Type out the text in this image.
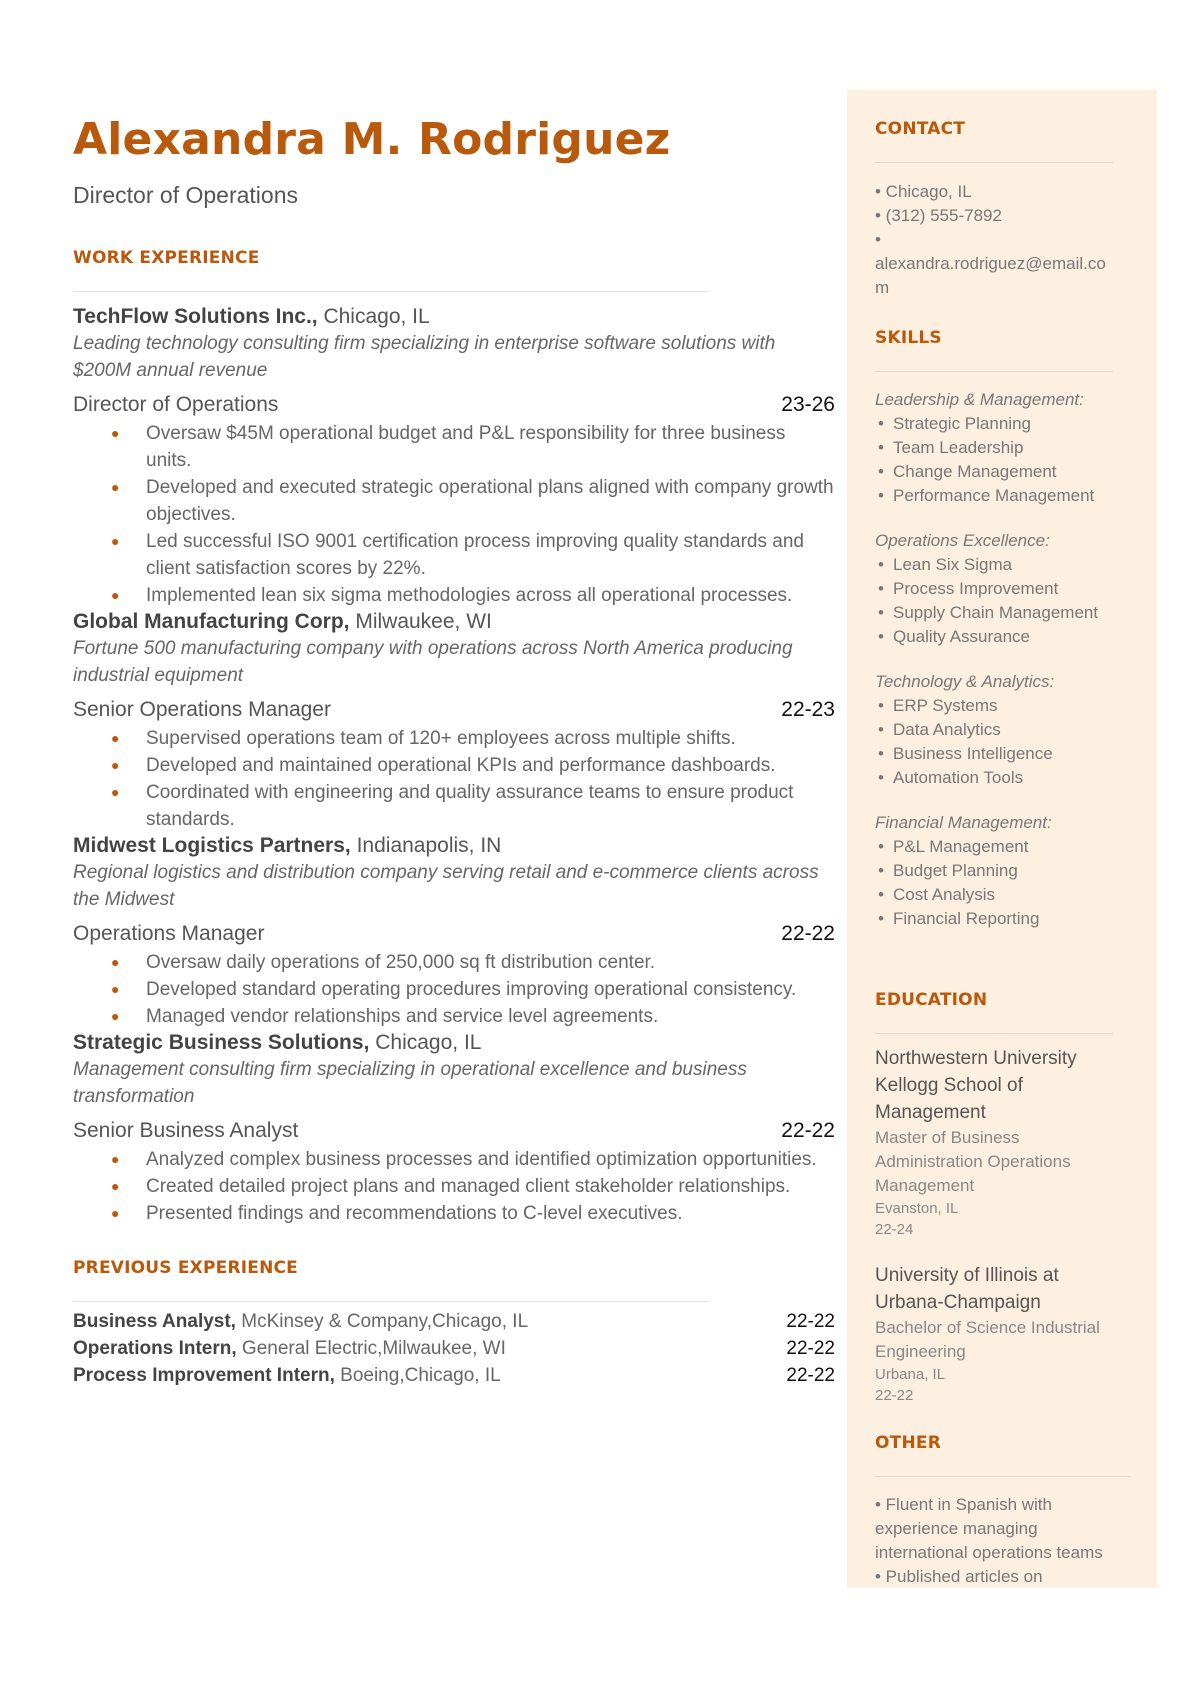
Alexandra M. Rodriguez
Director of Operations
WORK EXPERIENCE
TechFlow Solutions Inc., Chicago, IL
Leading technology consulting firm specializing in enterprise software solutions with $200M annual revenue
Director of Operations	23-26
● Oversaw $45M operational budget and P&L responsibility for three business units.
● Developed and executed strategic operational plans aligned with company growth objectives.
● Led successful ISO 9001 certification process improving quality standards and client satisfaction scores by 22%.
● Implemented lean six sigma methodologies across all operational processes.
Global Manufacturing Corp, Milwaukee, WI
Fortune 500 manufacturing company with operations across North America producing industrial equipment
Senior Operations Manager	22-23
● Supervised operations team of 120+ employees across multiple shifts.
● Developed and maintained operational KPIs and performance dashboards.
● Coordinated with engineering and quality assurance teams to ensure product standards.
Midwest Logistics Partners, Indianapolis, IN
Regional logistics and distribution company serving retail and e-commerce clients across the Midwest
Operations Manager	22-22
● Oversaw daily operations of 250,000 sq ft distribution center.
● Developed standard operating procedures improving operational consistency.
● Managed vendor relationships and service level agreements.
Strategic Business Solutions, Chicago, IL
Management consulting firm specializing in operational excellence and business transformation
Senior Business Analyst	22-22
● Analyzed complex business processes and identified optimization opportunities.
● Created detailed project plans and managed client stakeholder relationships.
● Presented findings and recommendations to C-level executives.
PREVIOUS EXPERIENCE
Business Analyst, McKinsey & Company,Chicago, IL	22-22
Operations Intern, General Electric,Milwaukee, WI	22-22
Process Improvement Intern, Boeing,Chicago, IL	22-22
CONTACT
• Chicago, IL
• (312) 555-7892
•
alexandra.rodriguez@email.co
m
SKILLS
Leadership & Management:
• Strategic Planning
• Team Leadership
• Change Management
• Performance Management
Operations Excellence:
• Lean Six Sigma
• Process Improvement
• Supply Chain Management
• Quality Assurance
Technology & Analytics:
• ERP Systems
• Data Analytics
• Business Intelligence
• Automation Tools
Financial Management:
• P&L Management
• Budget Planning
• Cost Analysis
• Financial Reporting
EDUCATION
Northwestern University Kellogg School of Management
Master of Business Administration Operations Management
Evanston, IL
22-24
University of Illinois at Urbana-Champaign
Bachelor of Science Industrial Engineering
Urbana, IL
22-22
OTHER
• Fluent in Spanish with experience managing international operations teams
• Published articles on
